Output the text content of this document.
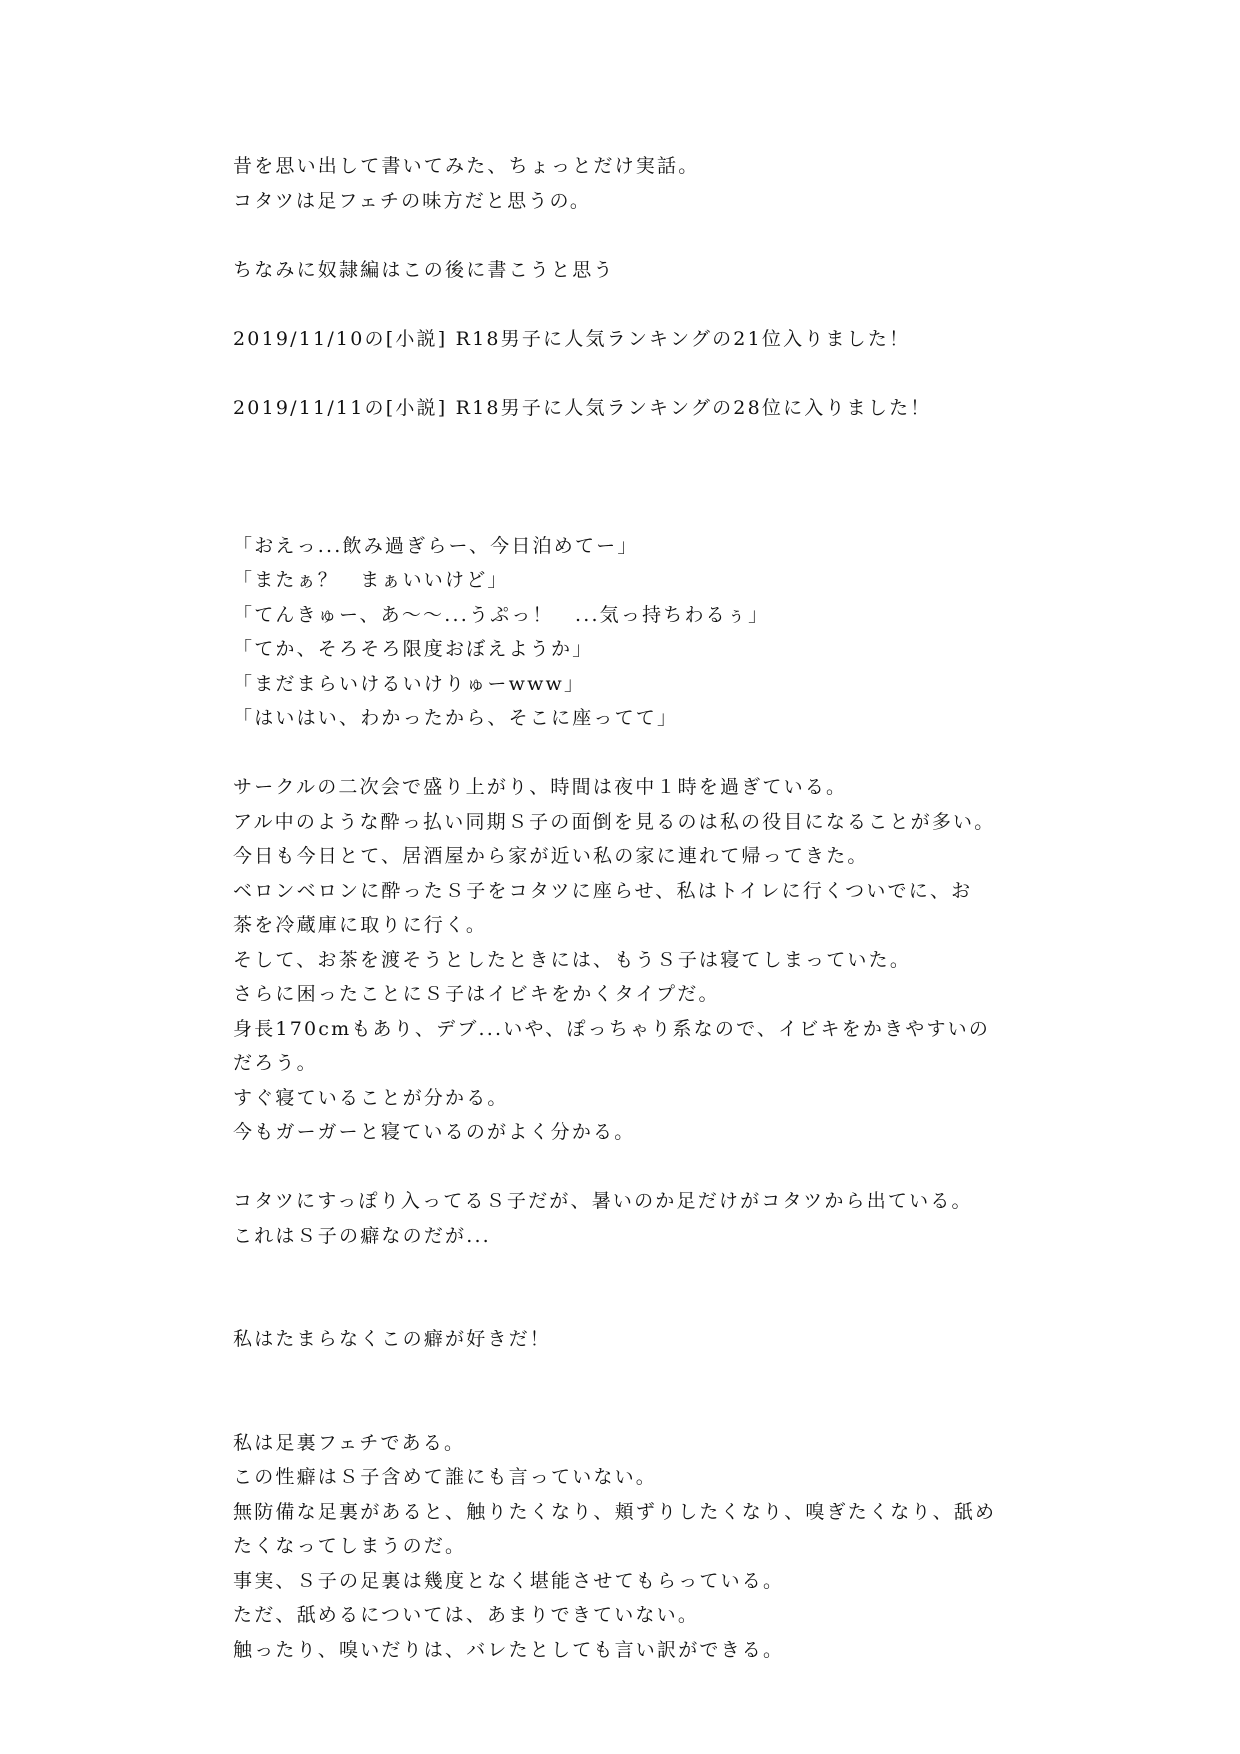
昔を思い出して書いてみた、ちょっとだけ実話。
コタツは足フェチの味方だと思うの。
ちなみに奴隷編はこの後に書こうと思う
2019/11/10の[小説] R18男子に人気ランキングの21位入りました！
2019/11/11の[小説] R18男子に人気ランキングの28位に入りました！
「おえっ...飲み過ぎらー、今日泊めてー」
「またぁ？　まぁいいけど」
「てんきゅー、あ～～...うぷっ！　...気っ持ちわるぅ」
「てか、そろそろ限度おぼえようか」
「まだまらいけるいけりゅーwww」
「はいはい、わかったから、そこに座ってて」
サークルの二次会で盛り上がり、時間は夜中１時を過ぎている。
アル中のような酔っ払い同期Ｓ子の面倒を見るのは私の役目になることが多い。
今日も今日とて、居酒屋から家が近い私の家に連れて帰ってきた。
ベロンベロンに酔ったＳ子をコタツに座らせ、私はトイレに行くついでに、お
茶を冷蔵庫に取りに行く。
そして、お茶を渡そうとしたときには、もうＳ子は寝てしまっていた。
さらに困ったことにＳ子はイビキをかくタイプだ。
身長170cmもあり、デブ...いや、ぽっちゃり系なので、イビキをかきやすいの
だろう。
すぐ寝ていることが分かる。
今もガーガーと寝ているのがよく分かる。
コタツにすっぽり入ってるＳ子だが、暑いのか足だけがコタツから出ている。
これはＳ子の癖なのだが...
私はたまらなくこの癖が好きだ！
私は足裏フェチである。
この性癖はＳ子含めて誰にも言っていない。
無防備な足裏があると、触りたくなり、頬ずりしたくなり、嗅ぎたくなり、舐め
たくなってしまうのだ。
事実、Ｓ子の足裏は幾度となく堪能させてもらっている。
ただ、舐めるについては、あまりできていない。
触ったり、嗅いだりは、バレたとしても言い訳ができる。
